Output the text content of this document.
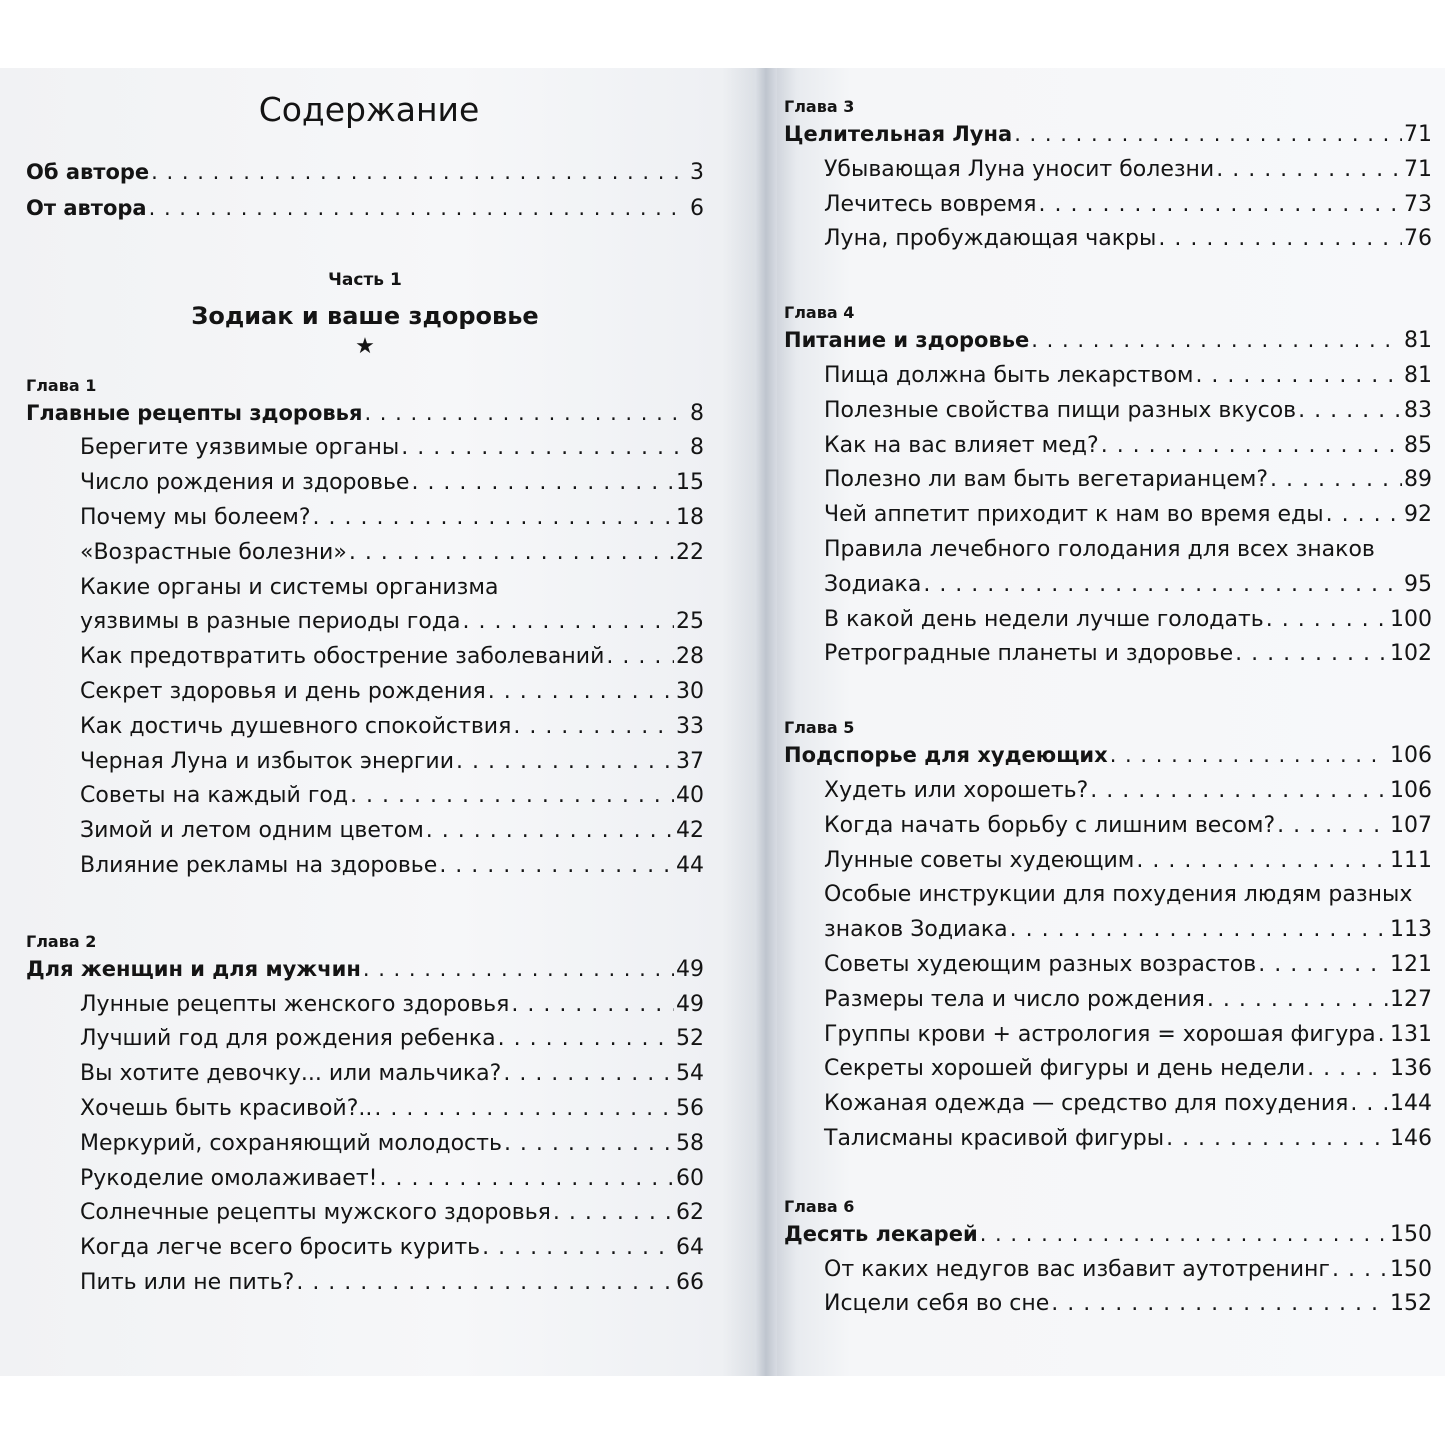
Содержание
Об авторе . . .	3
От автора . . .	6
Часть 1
Зодиак и ваше здоровье
★
Глава 1
Главные рецепты здоровья . . .	8
Берегите уязвимые органы . . .	8
Число рождения и здоровье . . .	15
Почему мы болеем? . . .	18
«Возрастные болезни» . . .	22
Какие органы и системы организма
уязвимы в разные периоды года . . .	25
Как предотвратить обострение заболеваний . . .	28
Секрет здоровья и день рождения . . .	30
Как достичь душевного спокойствия . . .	33
Черная Луна и избыток энергии . . .	37
Советы на каждый год . . .	40
Зимой и летом одним цветом . . .	42
Влияние рекламы на здоровье . . .	44
Глава 2
Для женщин и для мужчин . . .	49
Лунные рецепты женского здоровья . . .	49
Лучший год для рождения ребенка . . .	52
Вы хотите девочку... или мальчика? . . .	54
Хочешь быть красивой?.. . . .	56
Меркурий, сохраняющий молодость . . .	58
Рукоделие омолаживает! . . .	60
Солнечные рецепты мужского здоровья . . .	62
Когда легче всего бросить курить . . .	64
Пить или не пить? . . .	66
Глава 3
Целительная Луна . . .	71
Убывающая Луна уносит болезни . . .	71
Лечитесь вовремя . . .	73
Луна, пробуждающая чакры . . .	76
Глава 4
Питание и здоровье . . .	81
Пища должна быть лекарством . . .	81
Полезные свойства пищи разных вкусов . . .	83
Как на вас влияет мед? . . .	85
Полезно ли вам быть вегетарианцем? . . .	89
Чей аппетит приходит к нам во время еды . . .	92
Правила лечебного голодания для всех знаков
Зодиака . . .	95
В какой день недели лучше голодать . . .	100
Ретроградные планеты и здоровье . . .	102
Глава 5
Подспорье для худеющих . . .	106
Худеть или хорошеть? . . .	106
Когда начать борьбу с лишним весом? . . .	107
Лунные советы худеющим . . .	111
Особые инструкции для похудения людям разных
знаков Зодиака . . .	113
Советы худеющим разных возрастов . . .	121
Размеры тела и число рождения . . .	127
Группы крови + астрология = хорошая фигура . . . 131
Секреты хорошей фигуры и день недели . . .	136
Кожаная одежда — средство для похудения . . . 144
Талисманы красивой фигуры . . .	146
Глава 6
Десять лекарей . . .	150
От каких недугов вас избавит аутотренинг . . .	150
Исцели себя во сне . . .	152
